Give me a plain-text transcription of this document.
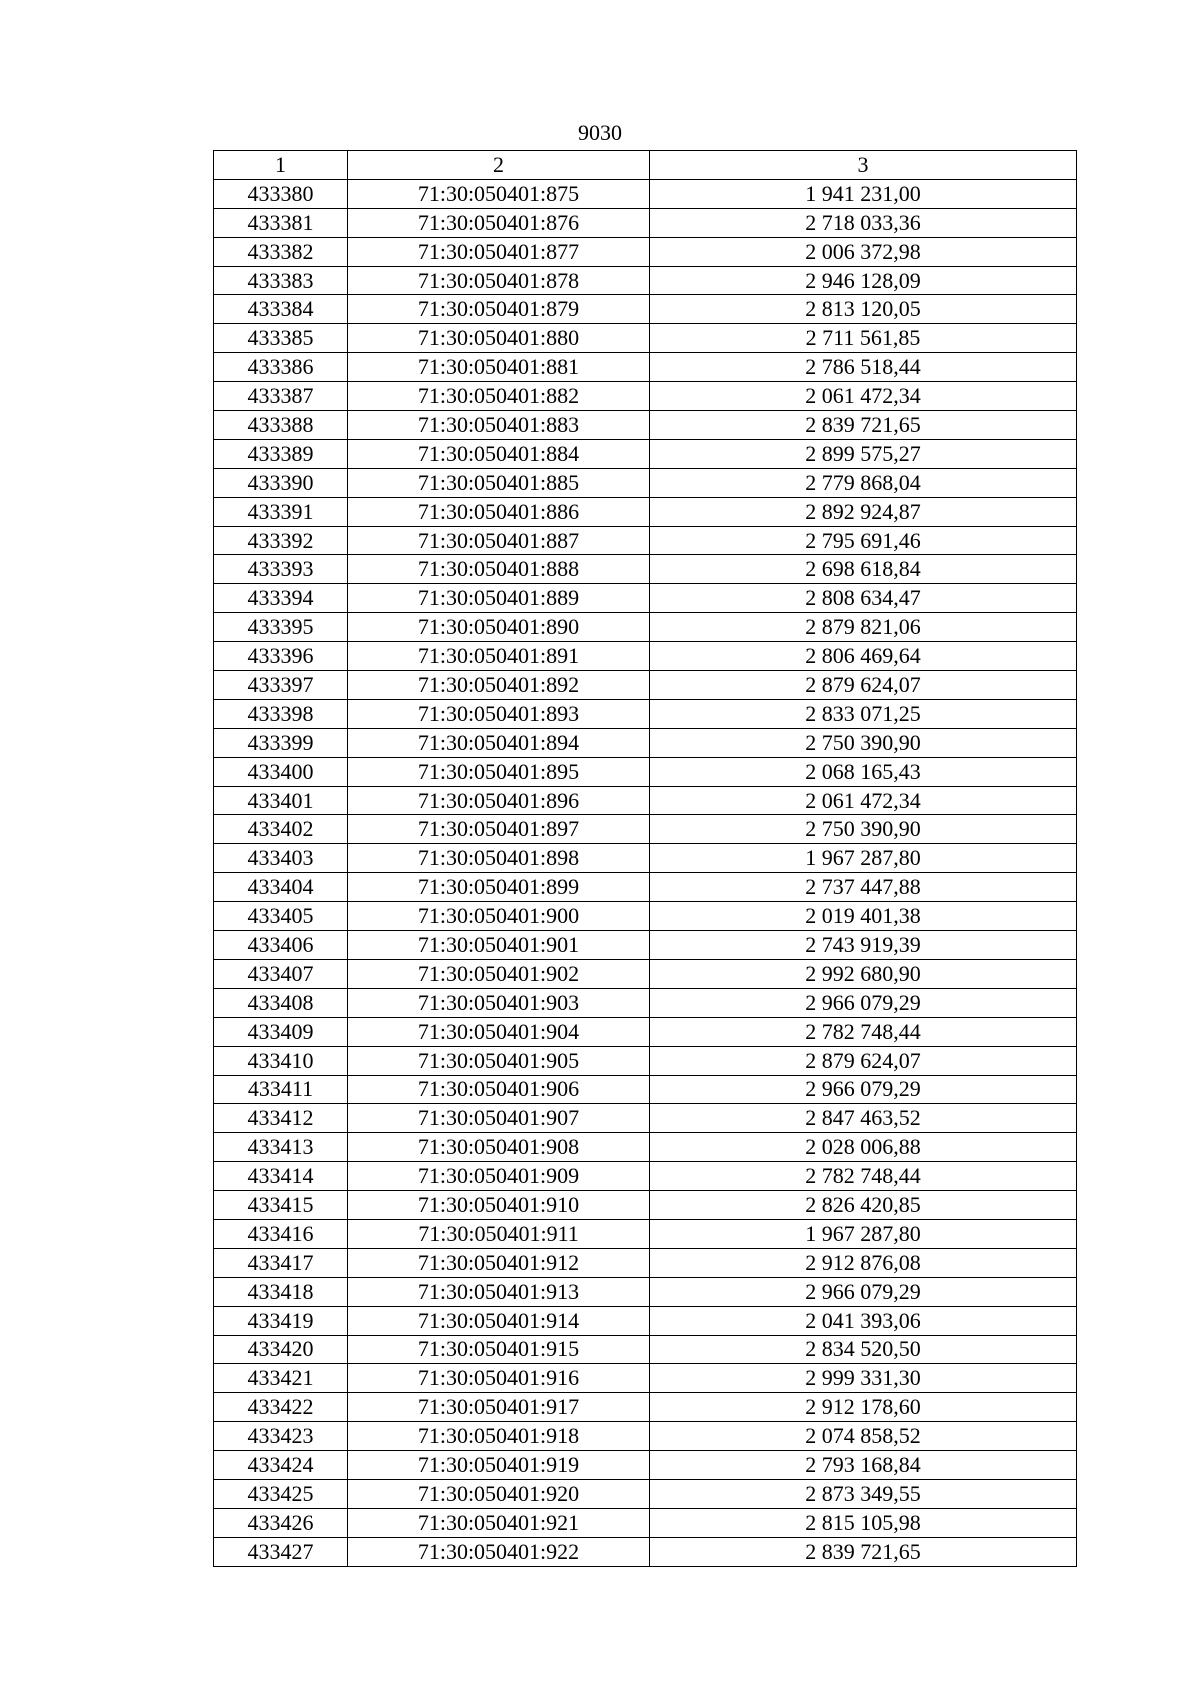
9030
1	2	3
433380	71:30:050401:875	1 941 231,00
433381	71:30:050401:876	2 718 033,36
433382	71:30:050401:877	2 006 372,98
433383	71:30:050401:878	2 946 128,09
433384	71:30:050401:879	2 813 120,05
433385	71:30:050401:880	2 711 561,85
433386	71:30:050401:881	2 786 518,44
433387	71:30:050401:882	2 061 472,34
433388	71:30:050401:883	2 839 721,65
433389	71:30:050401:884	2 899 575,27
433390	71:30:050401:885	2 779 868,04
433391	71:30:050401:886	2 892 924,87
433392	71:30:050401:887	2 795 691,46
433393	71:30:050401:888	2 698 618,84
433394	71:30:050401:889	2 808 634,47
433395	71:30:050401:890	2 879 821,06
433396	71:30:050401:891	2 806 469,64
433397	71:30:050401:892	2 879 624,07
433398	71:30:050401:893	2 833 071,25
433399	71:30:050401:894	2 750 390,90
433400	71:30:050401:895	2 068 165,43
433401	71:30:050401:896	2 061 472,34
433402	71:30:050401:897	2 750 390,90
433403	71:30:050401:898	1 967 287,80
433404	71:30:050401:899	2 737 447,88
433405	71:30:050401:900	2 019 401,38
433406	71:30:050401:901	2 743 919,39
433407	71:30:050401:902	2 992 680,90
433408	71:30:050401:903	2 966 079,29
433409	71:30:050401:904	2 782 748,44
433410	71:30:050401:905	2 879 624,07
433411	71:30:050401:906	2 966 079,29
433412	71:30:050401:907	2 847 463,52
433413	71:30:050401:908	2 028 006,88
433414	71:30:050401:909	2 782 748,44
433415	71:30:050401:910	2 826 420,85
433416	71:30:050401:911	1 967 287,80
433417	71:30:050401:912	2 912 876,08
433418	71:30:050401:913	2 966 079,29
433419	71:30:050401:914	2 041 393,06
433420	71:30:050401:915	2 834 520,50
433421	71:30:050401:916	2 999 331,30
433422	71:30:050401:917	2 912 178,60
433423	71:30:050401:918	2 074 858,52
433424	71:30:050401:919	2 793 168,84
433425	71:30:050401:920	2 873 349,55
433426	71:30:050401:921	2 815 105,98
433427	71:30:050401:922	2 839 721,65
